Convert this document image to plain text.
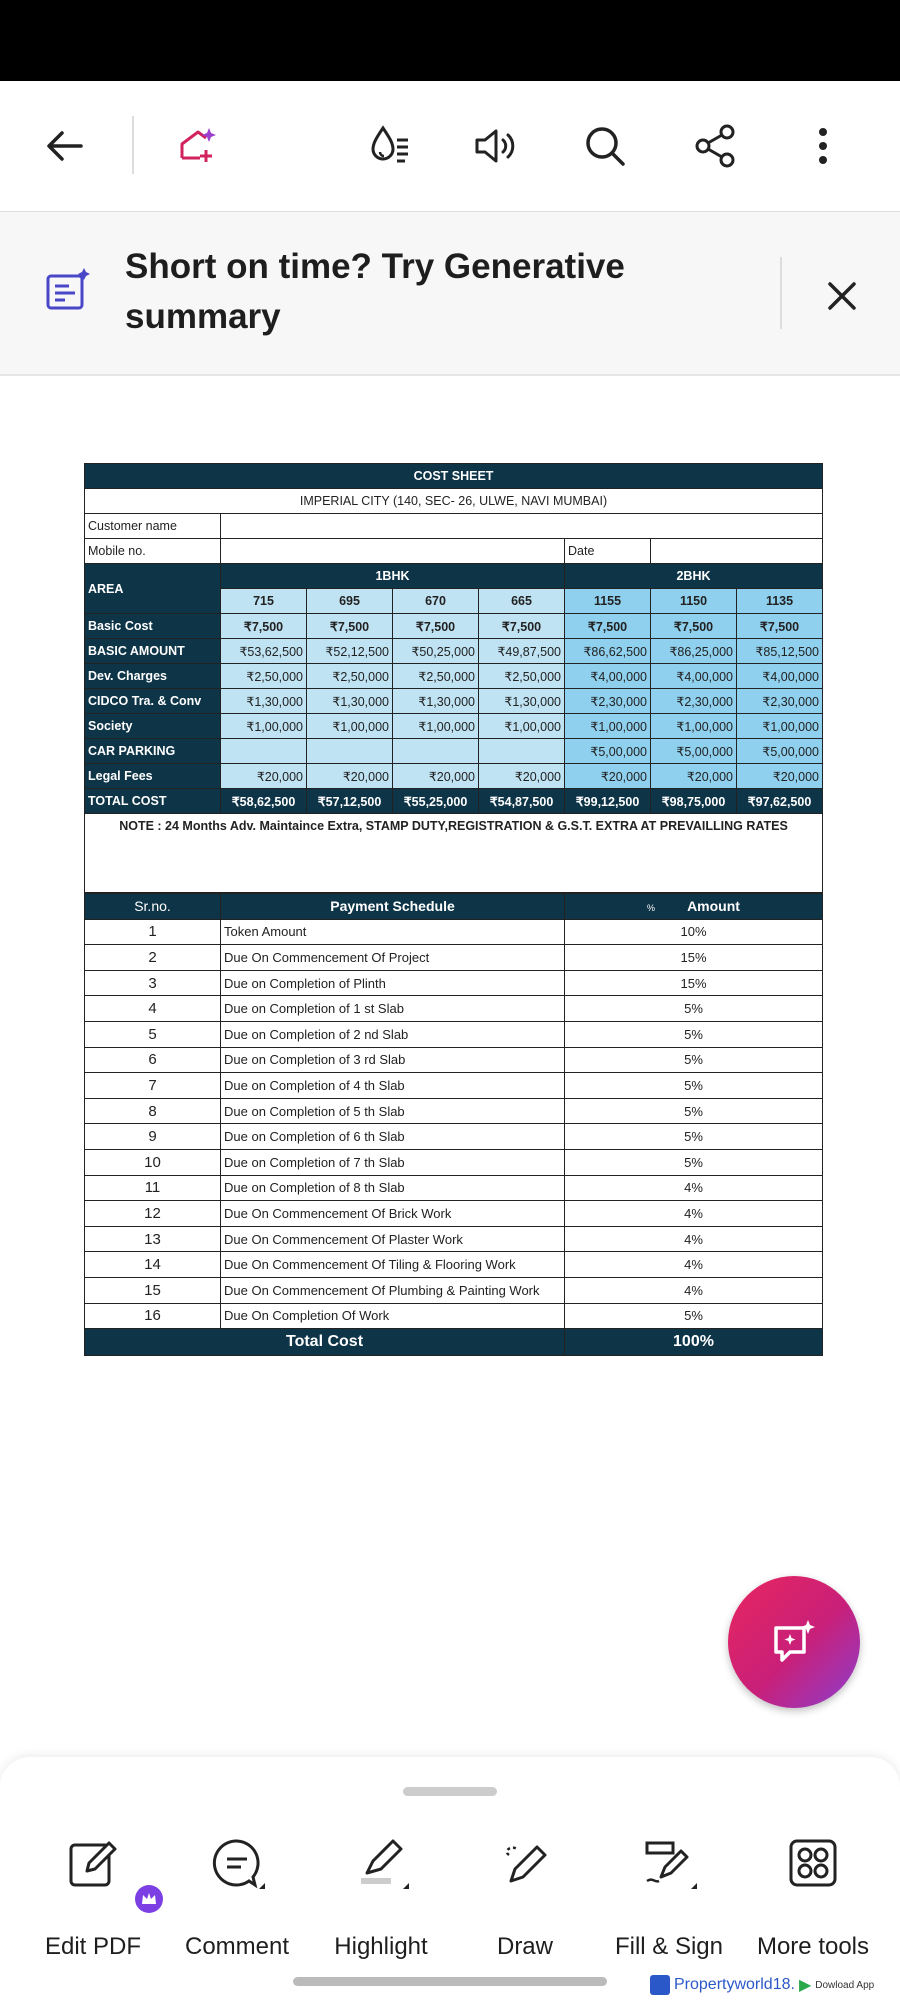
Short on time? Try Generative summary
COST SHEET							
IMPERIAL CITY (140, SEC- 26, ULWE, NAVI MUMBAI)							
Customer name							
Mobile no.					Date		
AREA	1BHK				2BHK		
	715	695	670	665	1155	1150	1135
Basic Cost	₹7,500	₹7,500	₹7,500	₹7,500	₹7,500	₹7,500	₹7,500
BASIC AMOUNT	₹53,62,500	₹52,12,500	₹50,25,000	₹49,87,500	₹86,62,500	₹86,25,000	₹85,12,500
Dev. Charges	₹2,50,000	₹2,50,000	₹2,50,000	₹2,50,000	₹4,00,000	₹4,00,000	₹4,00,000
CIDCO Tra. & Conv	₹1,30,000	₹1,30,000	₹1,30,000	₹1,30,000	₹2,30,000	₹2,30,000	₹2,30,000
Society	₹1,00,000	₹1,00,000	₹1,00,000	₹1,00,000	₹1,00,000	₹1,00,000	₹1,00,000
CAR PARKING					₹5,00,000	₹5,00,000	₹5,00,000
Legal Fees	₹20,000	₹20,000	₹20,000	₹20,000	₹20,000	₹20,000	₹20,000
TOTAL COST	₹58,62,500	₹57,12,500	₹55,25,000	₹54,87,500	₹99,12,500	₹98,75,000	₹97,62,500
NOTE : 24 Months Adv. Maintaince Extra, STAMP DUTY,REGISTRATION & G.S.T. EXTRA AT PREVAILLING RATES							
Sr.no.	Payment Schedule	% Amount
1	Token Amount	10%
2	Due On Commencement Of Project	15%
3	Due on Completion of Plinth	15%
4	Due on Completion of 1 st Slab	5%
5	Due on Completion of 2 nd Slab	5%
6	Due on Completion of 3 rd Slab	5%
7	Due on Completion of 4 th Slab	5%
8	Due on Completion of 5 th Slab	5%
9	Due on Completion of 6 th Slab	5%
10	Due on Completion of 7 th Slab	5%
11	Due on Completion of 8 th Slab	4%
12	Due On Commencement Of Brick Work	4%
13	Due On Commencement Of Plaster Work	4%
14	Due On Commencement Of Tiling & Flooring Work	4%
15	Due On Commencement Of Plumbing & Painting Work	4%
16	Due On Completion Of Work	5%
Total Cost		100%
Edit PDF	Comment	Highlight	Draw	Fill & Sign	More tools
Propertyworld18. ▶ Dowload App
